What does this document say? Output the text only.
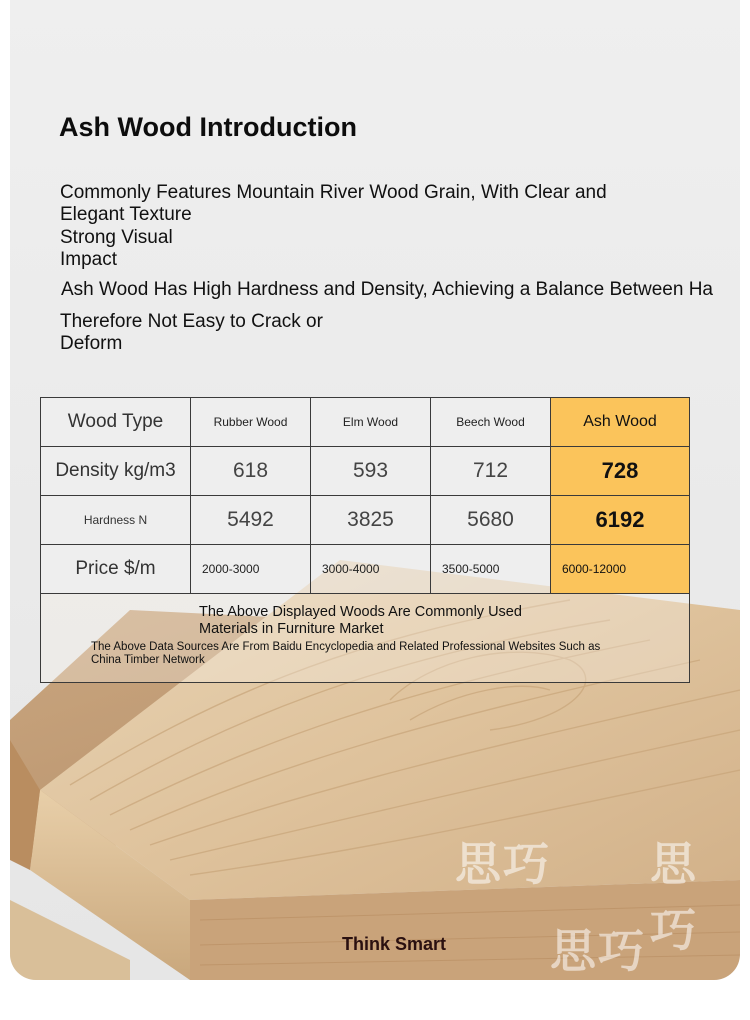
思巧 思巧
思巧
Ash Wood Introduction

Commonly Features Mountain River Wood Grain, With Clear and Elegant Texture

Strong Visual Impact

Ash Wood Has High Hardness and Density, Achieving a Balance Between Ha

Therefore Not Easy to Crack or Deform

Wood Type	Rubber Wood	Elm Wood	Beech Wood	Ash Wood
Density kg/m3	618	593	712	728
Hardness N	5492	3825	5680	6192
Price $/m	2000-3000	3000-4000	3500-5000	6000-12000

The Above Displayed Woods Are Commonly Used Materials in Furniture Market
The Above Data Sources Are From Baidu Encyclopedia and Related Professional Websites Such as China Timber Network				
Think Smart
